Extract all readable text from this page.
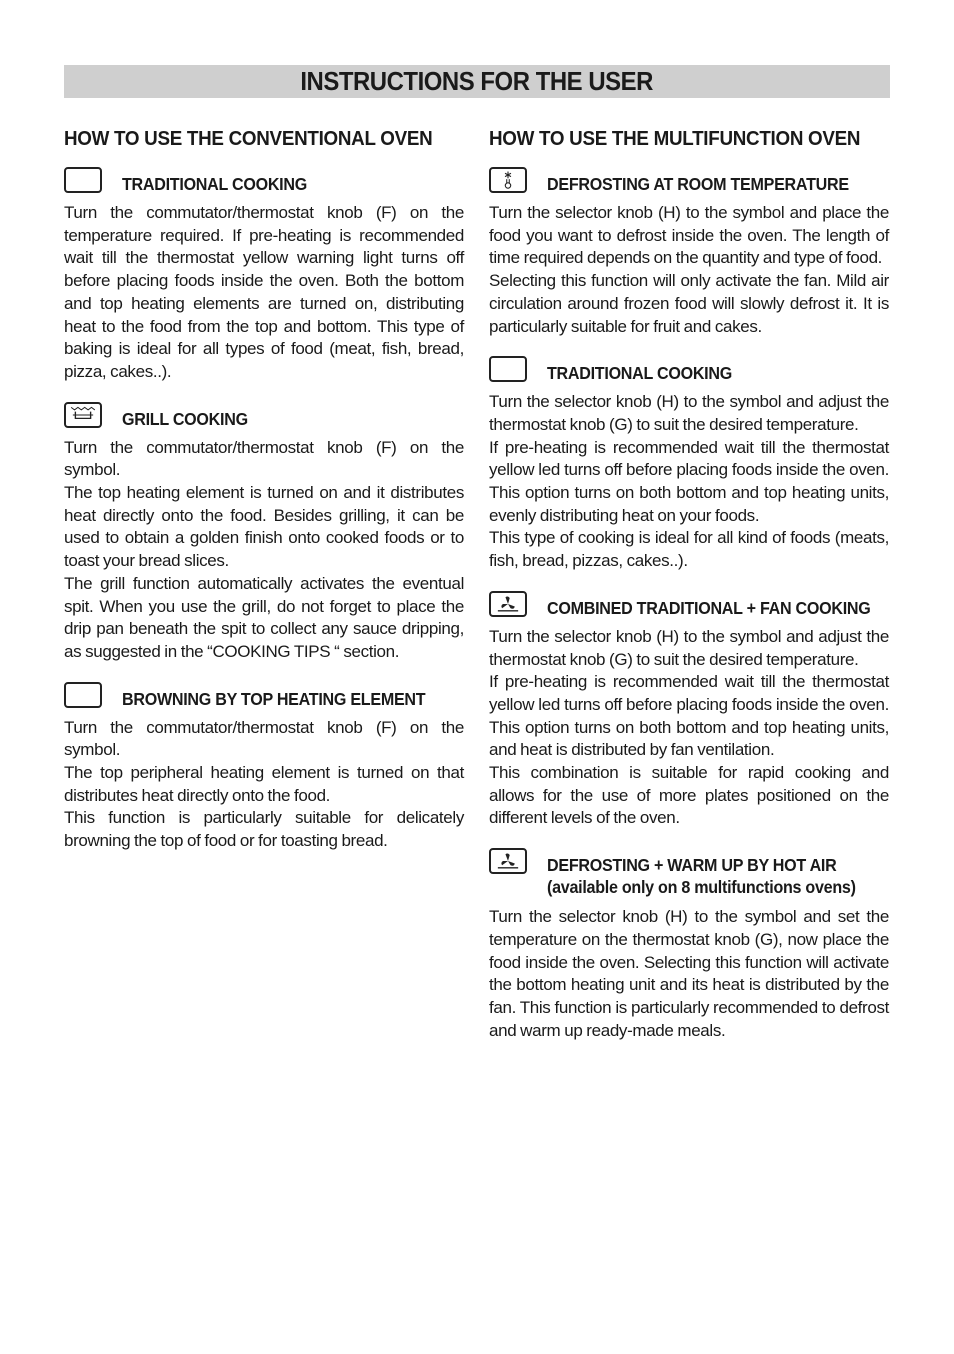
INSTRUCTIONS FOR THE USER
HOW TO USE THE CONVENTIONAL OVEN
TRADITIONAL COOKING

Turn the commutator/thermostat knob (F) on the temperature required. If pre-heating is recommended wait till the thermostat yellow warning light turns off before placing foods inside the oven. Both the bottom and top heating elements are turned on, distributing heat to the food from the top and bottom. This type of baking is ideal for all types of food (meat, fish, bread, pizza, cakes..).

GRILL COOKING

Turn the commutator/thermostat knob (F) on the symbol.

The top heating element is turned on and it distributes heat directly onto the food. Besides grilling, it can be used to obtain a golden finish onto cooked foods or to toast your bread slices.

The grill function automatically activates the eventual spit. When you use the grill, do not forget to place the drip pan beneath the spit to collect any sauce dripping, as suggested in the “COOKING TIPS “ section.

BROWNING BY TOP HEATING ELEMENT

Turn the commutator/thermostat knob (F) on the symbol.

The top peripheral heating element is turned on that distributes heat directly onto the food.

This function is particularly suitable for delicately browning the top of food or for toasting bread.

HOW TO USE THE MULTIFUNCTION OVEN
DEFROSTING AT ROOM TEMPERATURE

Turn the selector knob (H) to the symbol and place the food you want to defrost inside the oven. The length of time required depends on the quantity and type of food.

Selecting this function will only activate the fan. Mild air circulation around frozen food will slowly defrost it. It is particularly suitable for fruit and cakes.

TRADITIONAL COOKING

Turn the selector knob (H) to the symbol and adjust the thermostat knob (G) to suit the desired temperature.

If pre-heating is recommended wait till the thermostat yellow led turns off before placing foods inside the oven. This option turns on both bottom and top heating units, evenly distributing heat on your foods.

This type of cooking is ideal for all kind of foods (meats, fish, bread, pizzas, cakes..).

COMBINED TRADITIONAL + FAN COOKING

Turn the selector knob (H) to the symbol and adjust the thermostat knob (G) to suit the desired temperature.

If pre-heating is recommended wait till the thermostat yellow led turns off before placing foods inside the oven. This option turns on both bottom and top heating units, and heat is distributed by fan ventilation.

This combination is suitable for rapid cooking and allows for the use of more plates positioned on the different levels of the oven.

DEFROSTING + WARM UP BY HOT AIR
(available only on 8 multifunctions ovens)

Turn the selector knob (H) to the symbol and set the temperature on the thermostat knob (G), now place the food inside the oven. Selecting this function will activate the bottom heating unit and its heat is distributed by the fan. This function is particularly recommended to defrost and warm up ready-made meals.
